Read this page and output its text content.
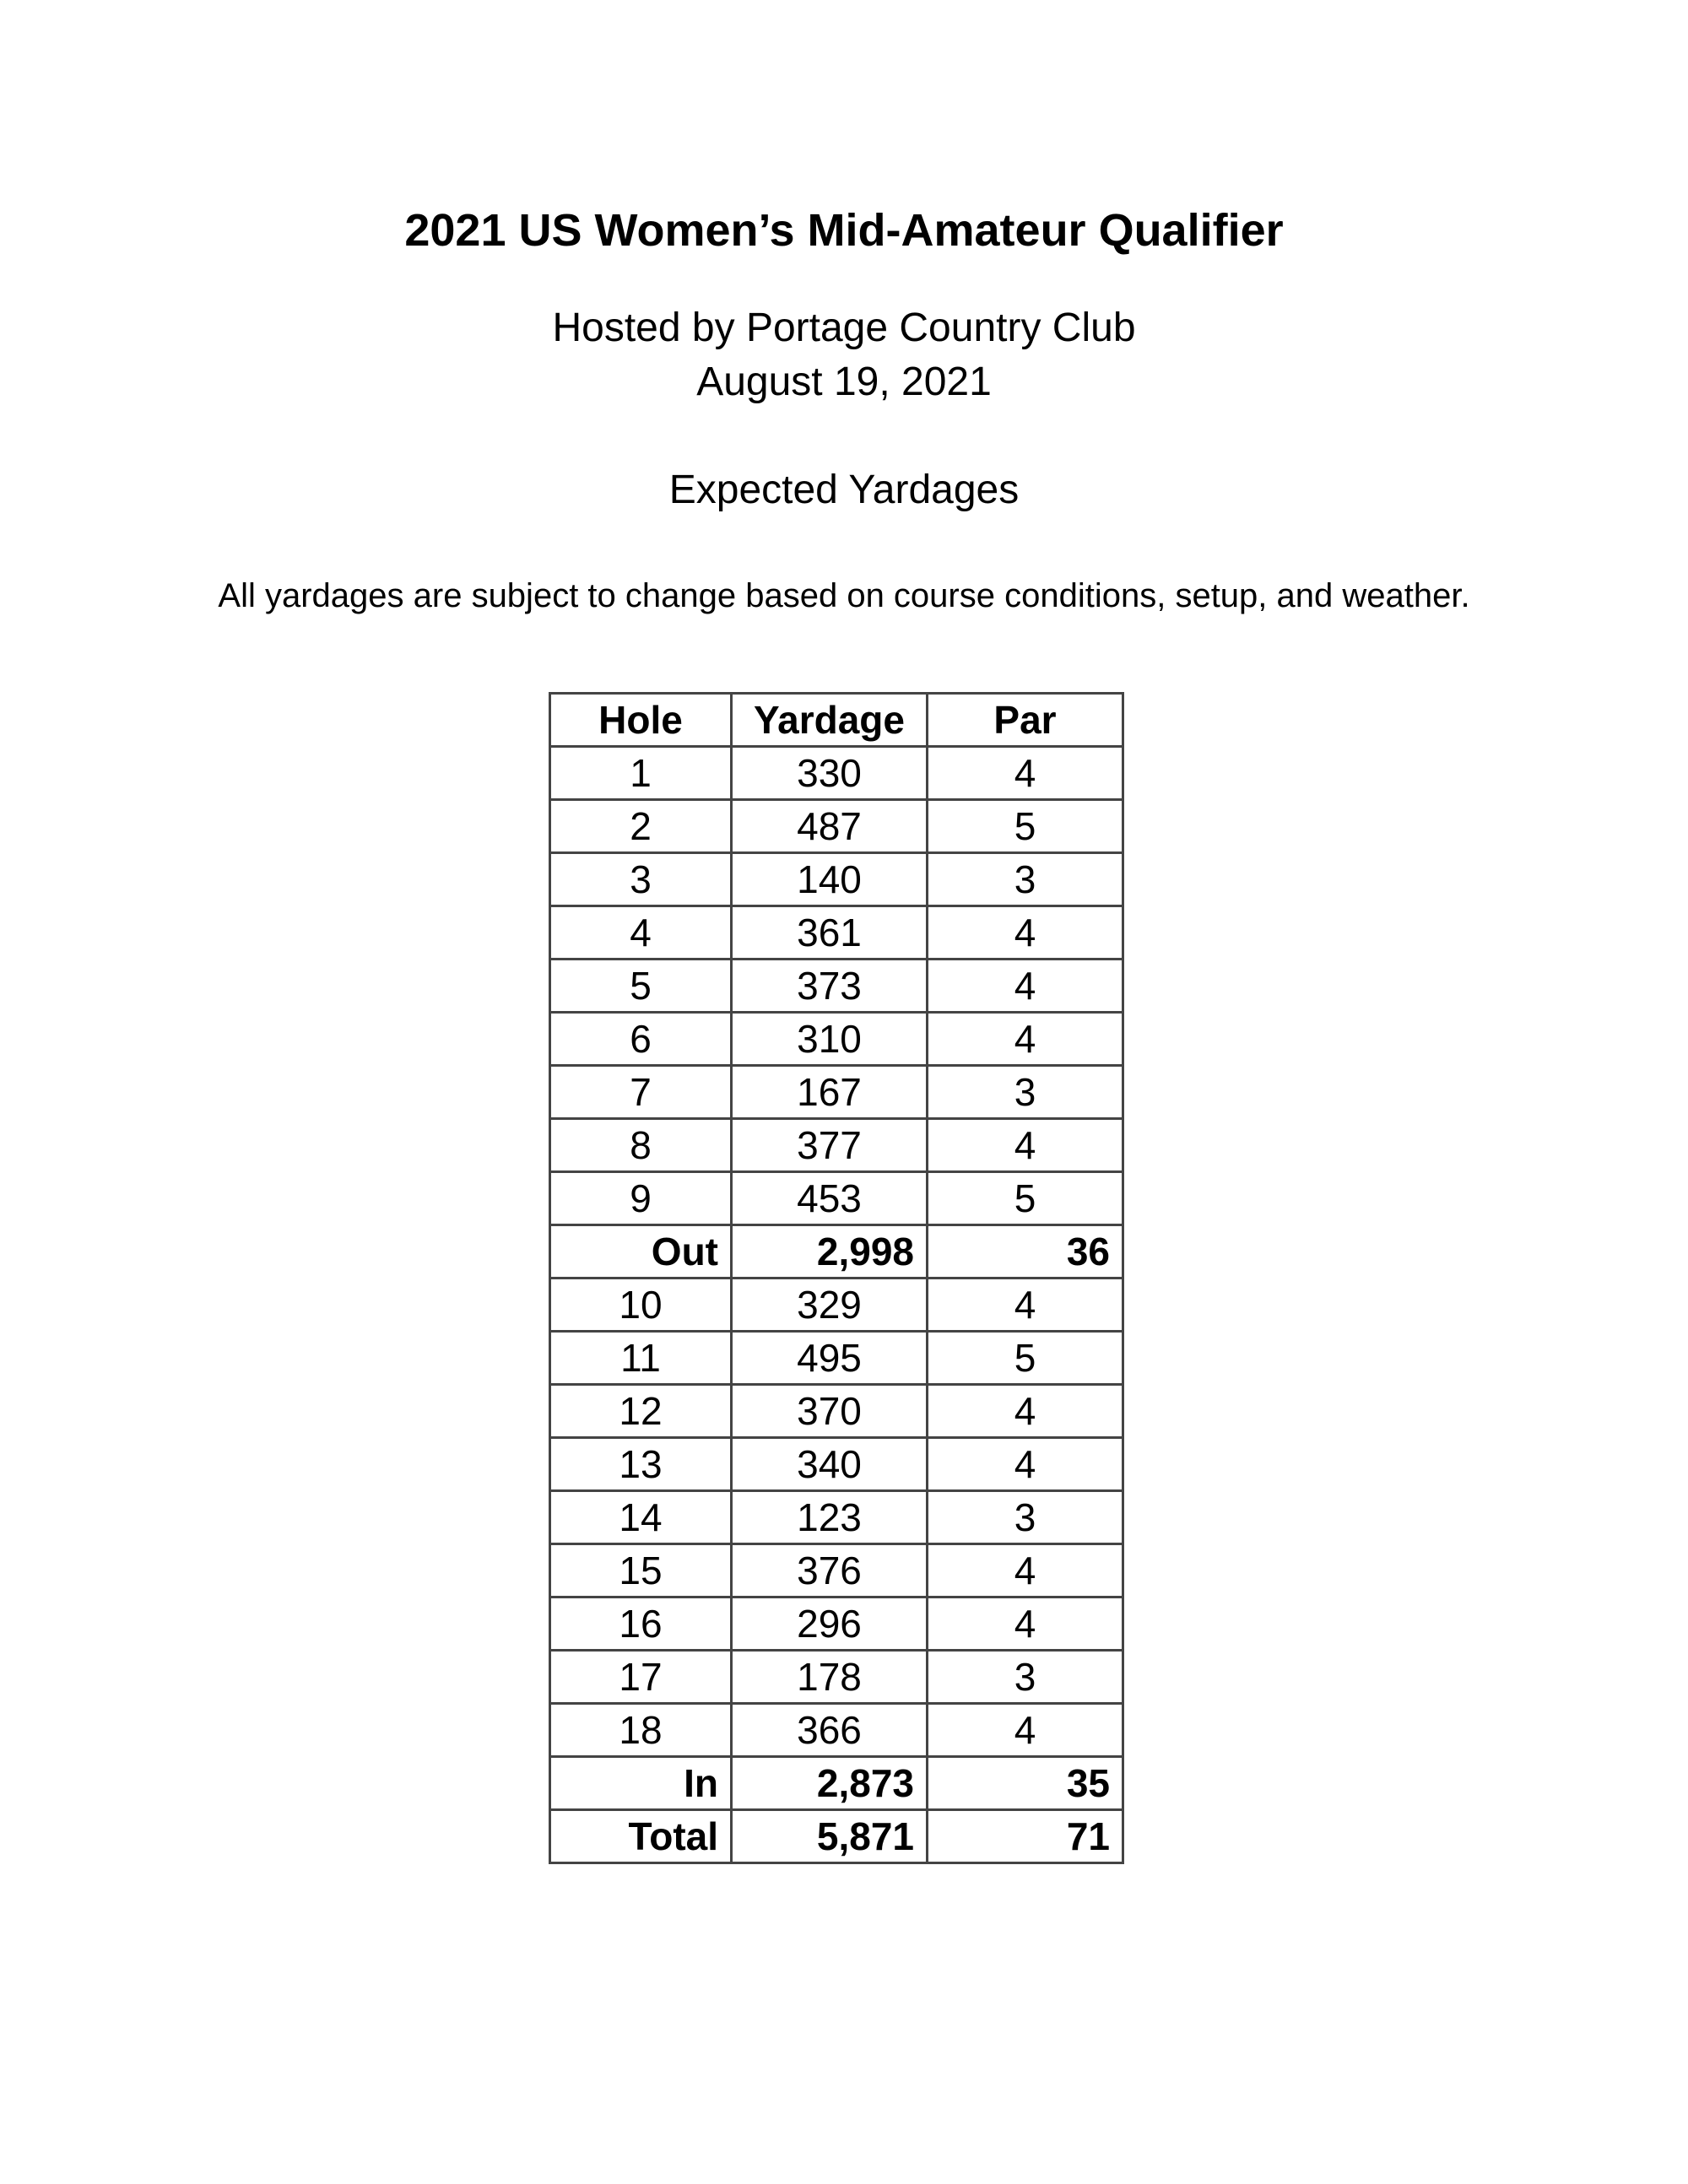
2021 US Women’s Mid-Amateur Qualifier
Hosted by Portage Country Club
August 19, 2021
Expected Yardages
All yardages are subject to change based on course conditions, setup, and weather.
Hole	Yardage	Par
1	330	4
2	487	5
3	140	3
4	361	4
5	373	4
6	310	4
7	167	3
8	377	4
9	453	5
Out	2,998	36
10	329	4
11	495	5
12	370	4
13	340	4
14	123	3
15	376	4
16	296	4
17	178	3
18	366	4
In	2,873	35
Total	5,871	71
